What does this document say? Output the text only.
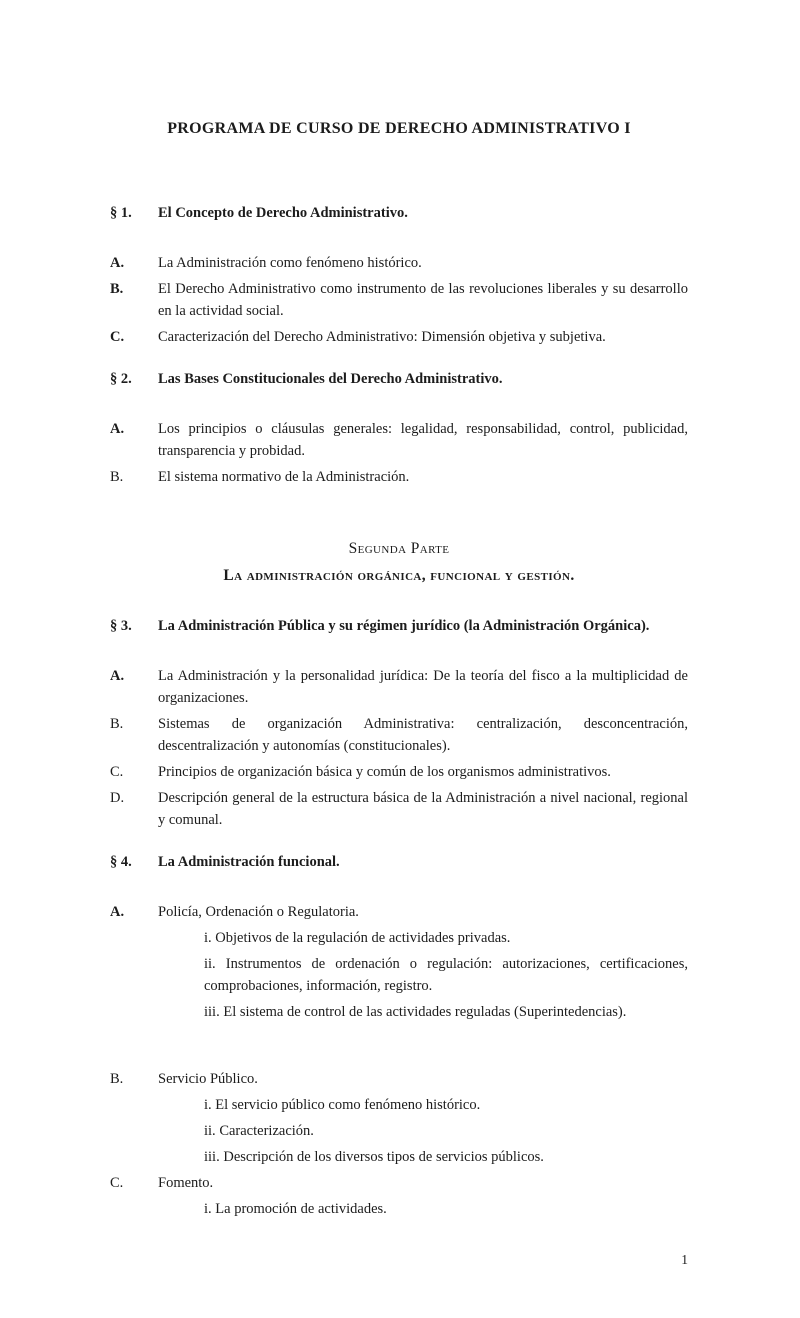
PROGRAMA DE CURSO DE DERECHO ADMINISTRATIVO I
§ 1.	El Concepto de Derecho Administrativo.
A.	La Administración como fenómeno histórico.

B.	El Derecho Administrativo como instrumento de las revoluciones liberales y su desarrollo en la actividad social.

C.	Caracterización del Derecho Administrativo: Dimensión objetiva y subjetiva.

§ 2.	Las Bases Constitucionales del Derecho Administrativo.
A.	Los principios o cláusulas generales: legalidad, responsabilidad, control, publicidad, transparencia y probidad.

B.	El sistema normativo de la Administración.

Segunda Parte

La administración orgánica, funcional y gestión.

§ 3.	La Administración Pública y su régimen jurídico (la Administración Orgánica).
A.	La Administración y la personalidad jurídica: De la teoría del fisco a la multiplicidad de organizaciones.

B.	Sistemas de organización Administrativa: centralización, desconcentración, descentralización y autonomías (constitucionales).

C.	Principios de organización básica y común de los organismos administrativos.

D.	Descripción general de la estructura básica de la Administración a nivel nacional, regional y comunal.

§ 4.	La Administración funcional.
A.	Policía, Ordenación o Regulatoria.

i. Objetivos de la regulación de actividades privadas.

ii. Instrumentos de ordenación o regulación: autorizaciones, certificaciones, comprobaciones, información, registro.

iii. El sistema de control de las actividades reguladas (Superintedencias).

B.	Servicio Público.

i. El servicio público como fenómeno histórico.

ii. Caracterización.

iii. Descripción de los diversos tipos de servicios públicos.

C.	Fomento.

i. La promoción de actividades.

1
